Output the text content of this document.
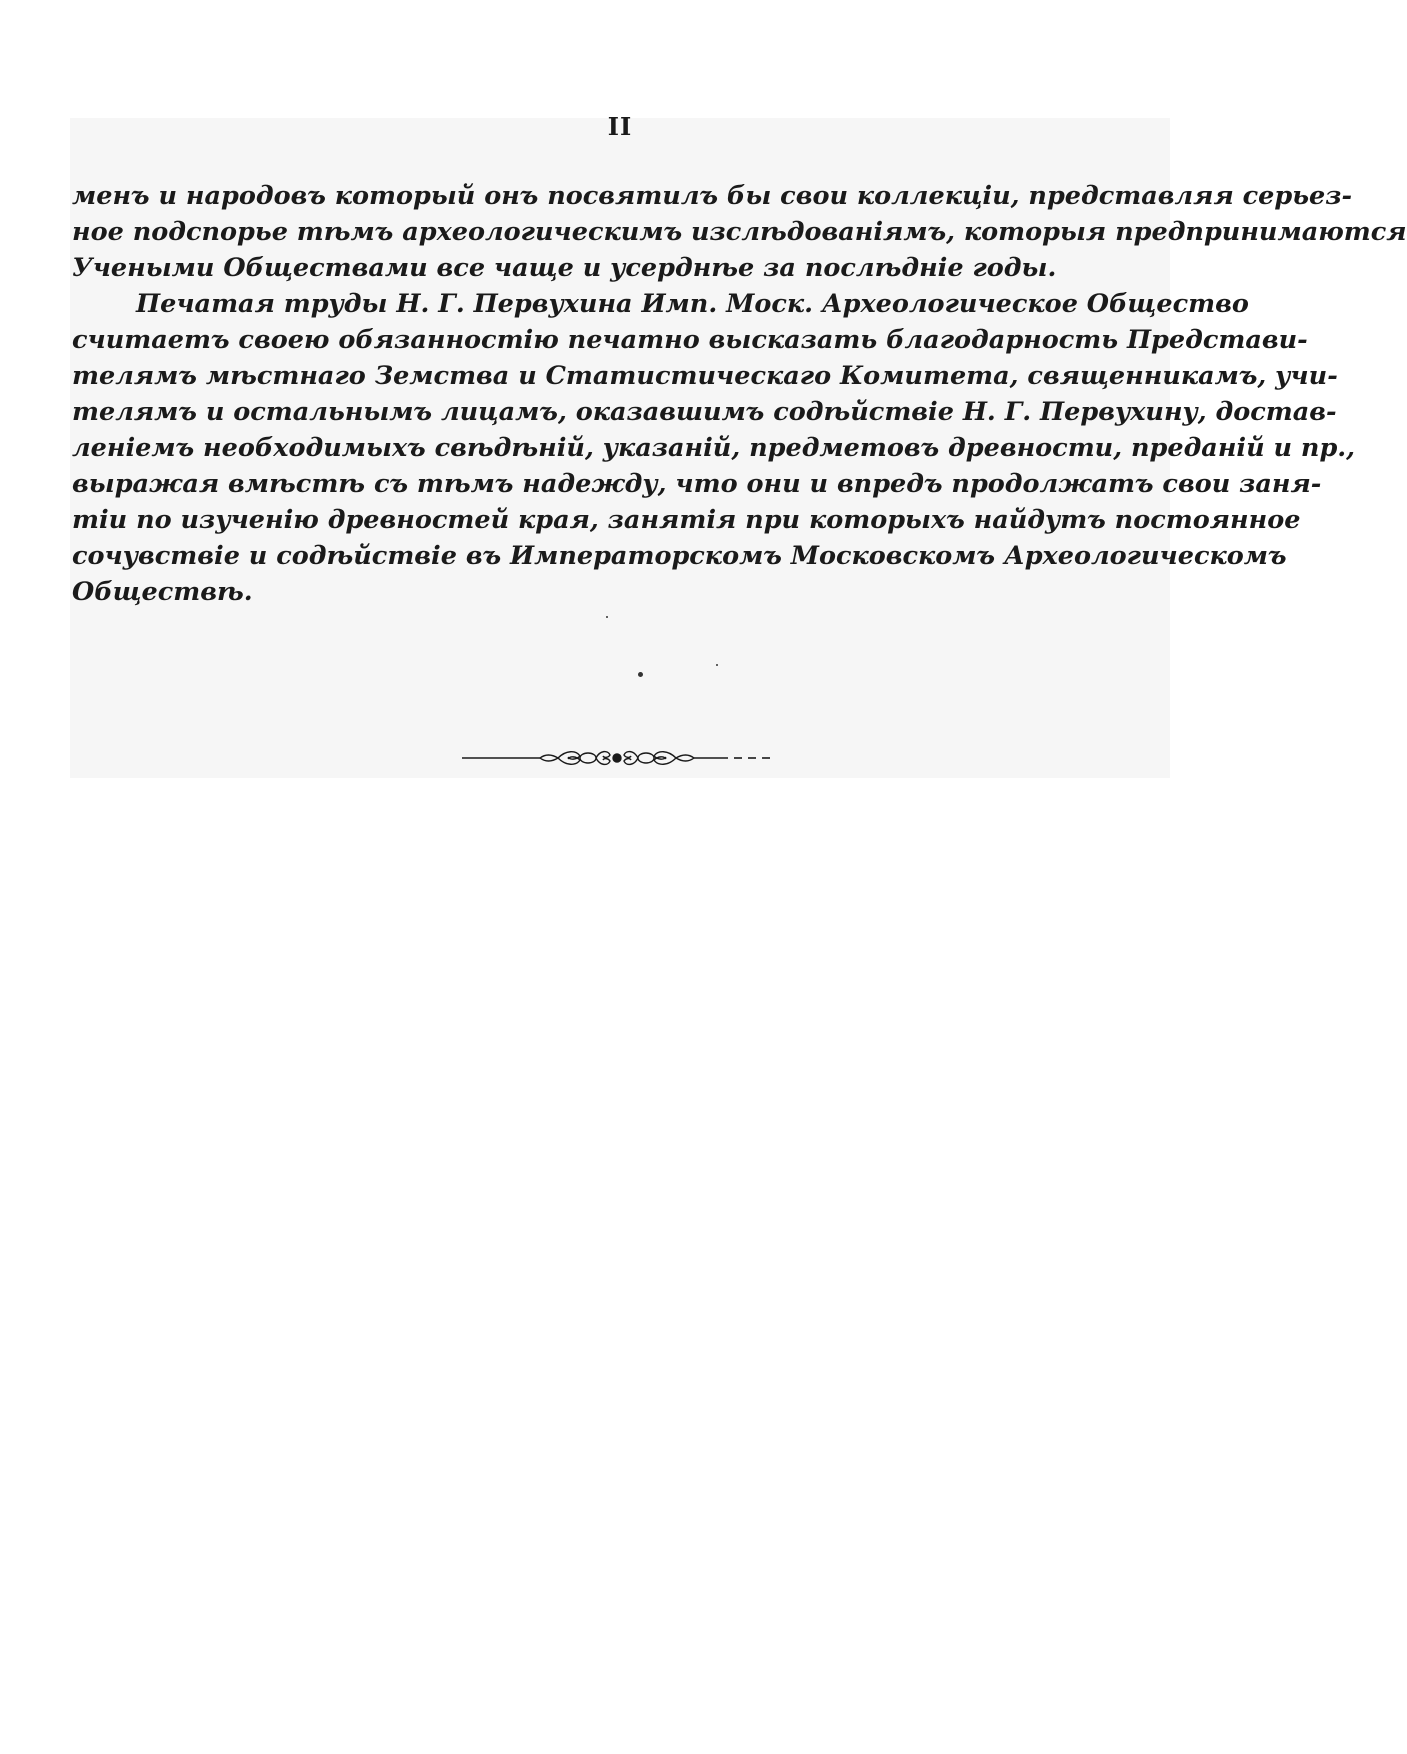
II
менъ и народовъ который онъ посвятилъ бы свои коллекціи, представляя серьез-
ное подспорье тѣмъ археологическимъ изслѣдованіямъ, которыя предпринимаются
Учеными Обществами все чаще и усерднѣе за послѣдніе годы.
Печатая труды Н. Г. Первухина Имп. Моск. Археологическое Общество
считаетъ своею обязанностію печатно высказать благодарность Представи-
телямъ мѣстнаго Земства и Статистическаго Комитета, священникамъ, учи-
телямъ и остальнымъ лицамъ, оказавшимъ содѣйствіе Н. Г. Первухину, достав-
леніемъ необходимыхъ свѣдѣній, указаній, предметовъ древности, преданій и пр.,
выражая вмѣстѣ съ тѣмъ надежду, что они и впредъ продолжатъ свои заня-
тіи по изученію древностей края, занятія при которыхъ найдутъ постоянное
сочувствіе и содѣйствіе въ Императорскомъ Московскомъ Археологическомъ
Обществѣ.
